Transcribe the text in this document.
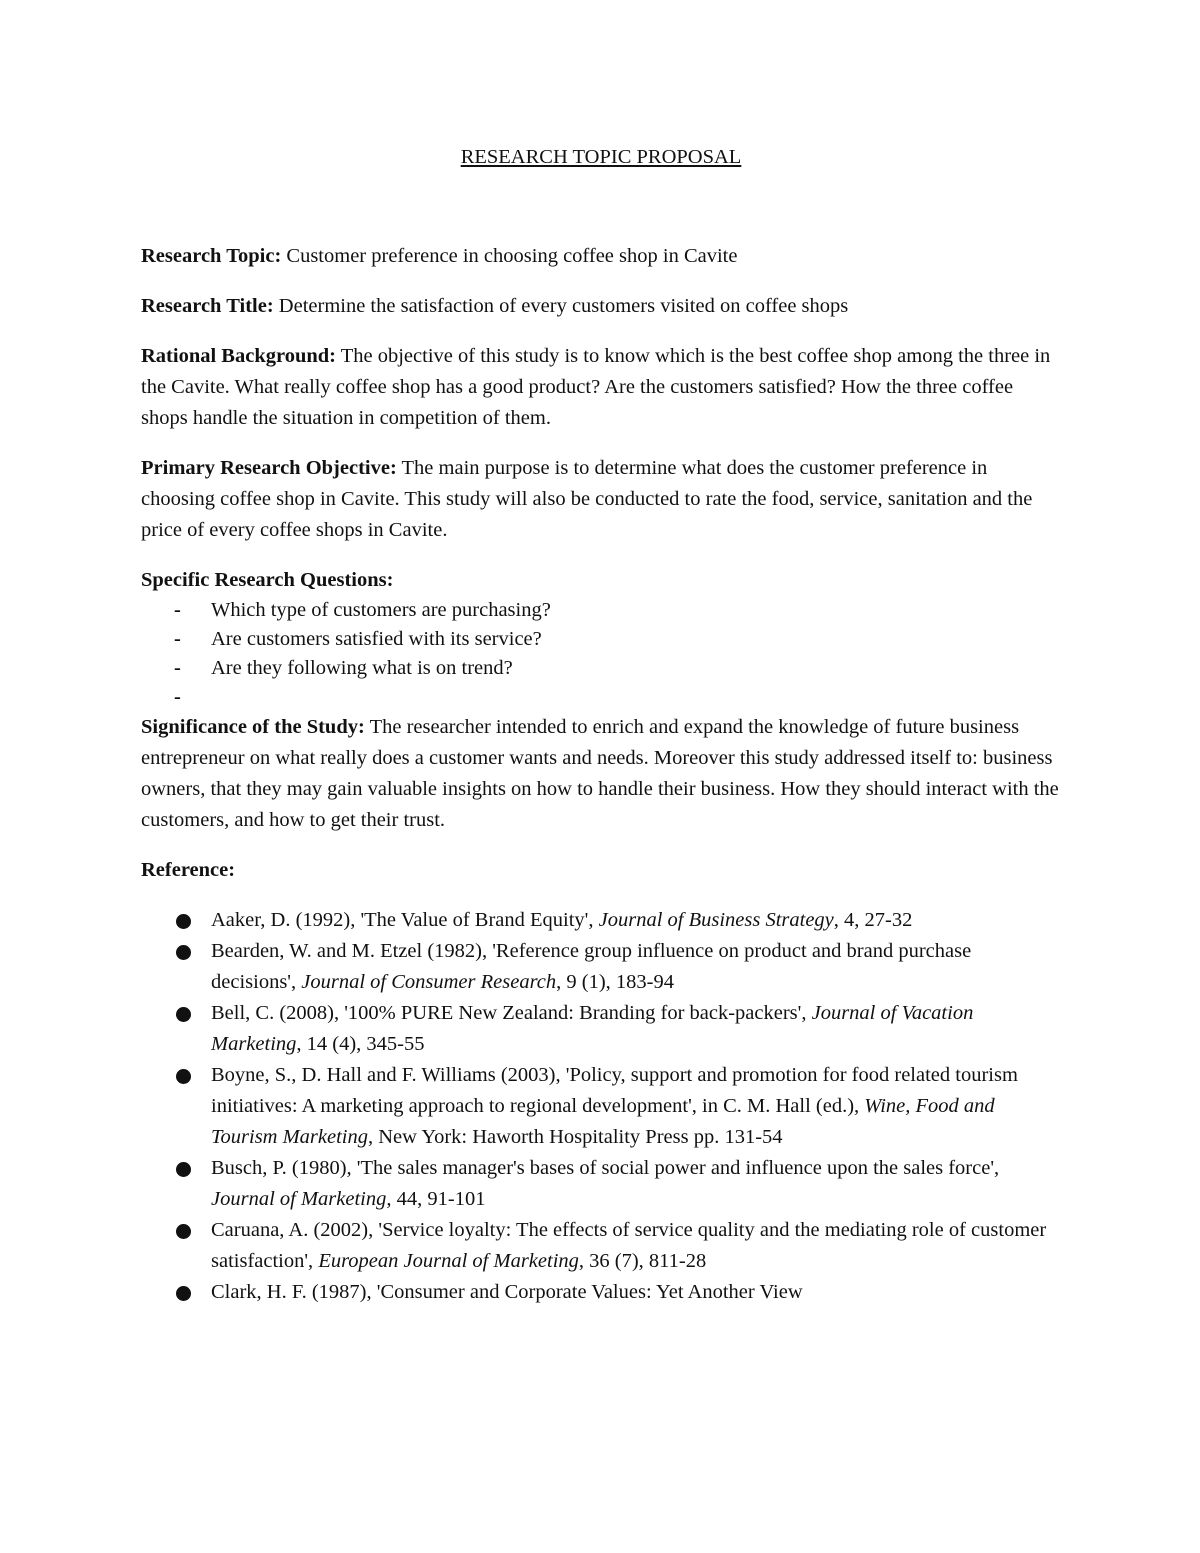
RESEARCH TOPIC PROPOSAL

Research Topic: Customer preference in choosing coffee shop in Cavite

Research Title: Determine the satisfaction of every customers visited on coffee shops

Rational Background: The objective of this study is to know which is the best coffee shop among the three in the Cavite. What really coffee shop has a good product? Are the customers satisfied? How the three coffee shops handle the situation in competition of them.

Primary Research Objective: The main purpose is to determine what does the customer preference in choosing coffee shop in Cavite. This study will also be conducted to rate the food, service, sanitation and the price of every coffee shops in Cavite.

Specific Research Questions:

- Which type of customers are purchasing?
- Are customers satisfied with its service?
- Are they following what is on trend?
-

Significance of the Study: The researcher intended to enrich and expand the knowledge of future business entrepreneur on what really does a customer wants and needs. Moreover this study addressed itself to: business owners, that they may gain valuable insights on how to handle their business. How they should interact with the customers, and how to get their trust.

Reference:

Aaker, D. (1992), 'The Value of Brand Equity', Journal of Business Strategy, 4, 27-32
Bearden, W. and M. Etzel (1982), 'Reference group influence on product and brand purchase decisions', Journal of Consumer Research, 9 (1), 183-94
Bell, C. (2008), '100% PURE New Zealand: Branding for back-packers', Journal of Vacation Marketing, 14 (4), 345-55
Boyne, S., D. Hall and F. Williams (2003), 'Policy, support and promotion for food related tourism initiatives: A marketing approach to regional development', in C. M. Hall (ed.), Wine, Food and Tourism Marketing, New York: Haworth Hospitality Press pp. 131-54
Busch, P. (1980), 'The sales manager's bases of social power and influence upon the sales force', Journal of Marketing, 44, 91-101
Caruana, A. (2002), 'Service loyalty: The effects of service quality and the mediating role of customer satisfaction', European Journal of Marketing, 36 (7), 811-28
Clark, H. F. (1987), 'Consumer and Corporate Values: Yet Another View
